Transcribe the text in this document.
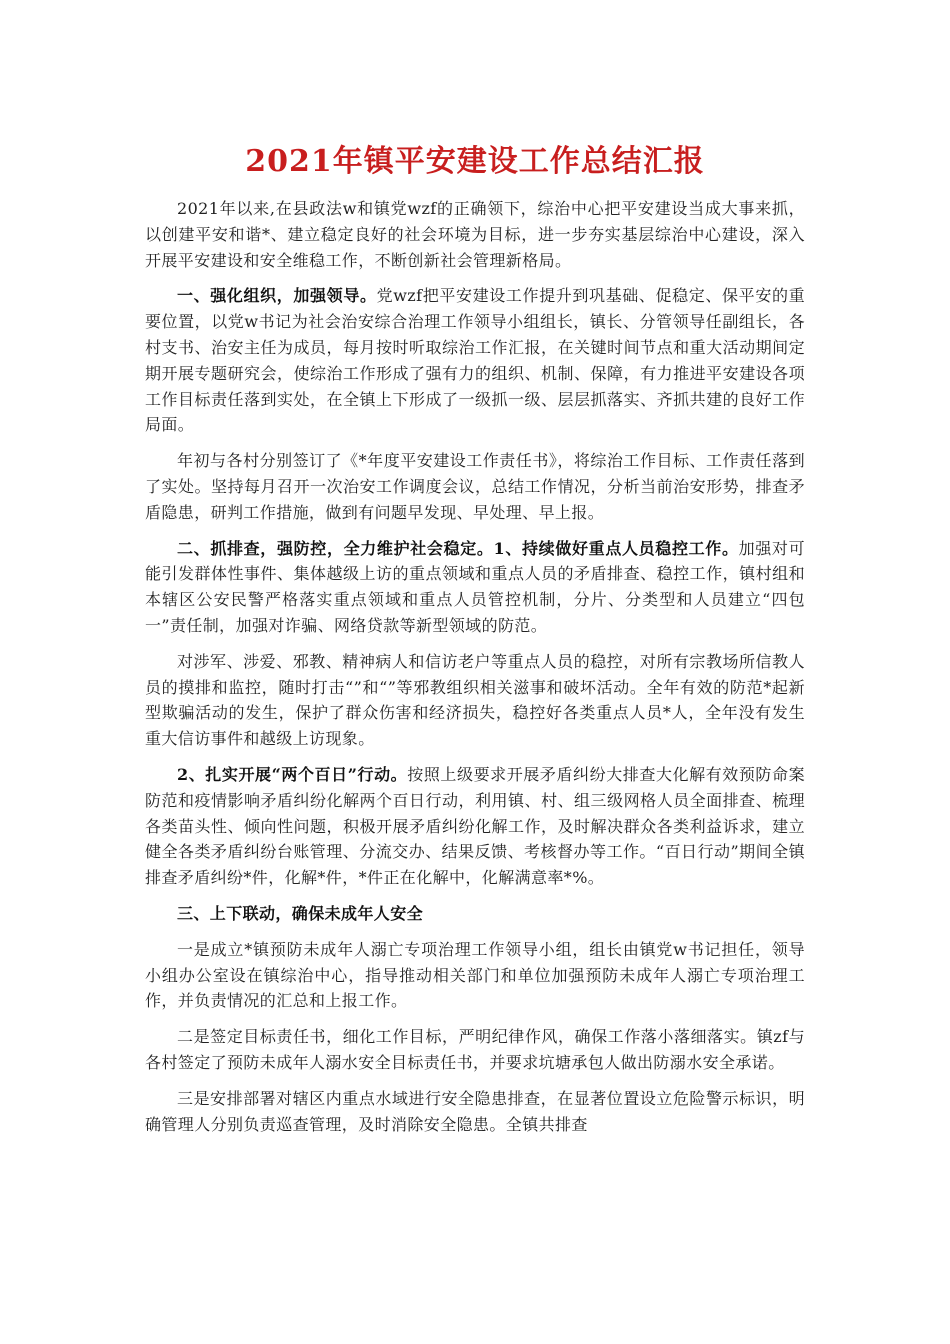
2021年镇平安建设工作总结汇报

2021年以来,在县政法w和镇党wzf的正确领下，综治中心把平安建设当成大事来抓，以创建平安和谐*、建立稳定良好的社会环境为目标，进一步夯实基层综治中心建设，深入开展平安建设和安全维稳工作，不断创新社会管理新格局。

一、强化组织，加强领导。党wzf把平安建设工作提升到巩基础、促稳定、保平安的重要位置，以党w书记为社会治安综合治理工作领导小组组长，镇长、分管领导任副组长，各村支书、治安主任为成员，每月按时听取综治工作汇报，在关键时间节点和重大活动期间定期开展专题研究会，使综治工作形成了强有力的组织、机制、保障，有力推进平安建设各项工作目标责任落到实处，在全镇上下形成了一级抓一级、层层抓落实、齐抓共建的良好工作局面。

年初与各村分别签订了《*年度平安建设工作责任书》，将综治工作目标、工作责任落到了实处。坚持每月召开一次治安工作调度会议，总结工作情况，分析当前治安形势，排查矛盾隐患，研判工作措施，做到有问题早发现、早处理、早上报。

二、抓排查，强防控，全力维护社会稳定。1、持续做好重点人员稳控工作。加强对可能引发群体性事件、集体越级上访的重点领域和重点人员的矛盾排查、稳控工作，镇村组和本辖区公安民警严格落实重点领域和重点人员管控机制，分片、分类型和人员建立“四包一”责任制，加强对诈骗、网络贷款等新型领域的防范。

对涉军、涉爱、邪教、精神病人和信访老户等重点人员的稳控，对所有宗教场所信教人员的摸排和监控，随时打击“”和“”等邪教组织相关滋事和破坏活动。全年有效的防范*起新型欺骗活动的发生，保护了群众伤害和经济损失，稳控好各类重点人员*人，全年没有发生重大信访事件和越级上访现象。

2、扎实开展“两个百日”行动。按照上级要求开展矛盾纠纷大排查大化解有效预防命案防范和疫情影响矛盾纠纷化解两个百日行动，利用镇、村、组三级网格人员全面排查、梳理各类苗头性、倾向性问题，积极开展矛盾纠纷化解工作，及时解决群众各类利益诉求，建立健全各类矛盾纠纷台账管理、分流交办、结果反馈、考核督办等工作。“百日行动”期间全镇排查矛盾纠纷*件，化解*件，*件正在化解中，化解满意率*%。

三、上下联动，确保未成年人安全

一是成立*镇预防未成年人溺亡专项治理工作领导小组，组长由镇党w书记担任，领导小组办公室设在镇综治中心，指导推动相关部门和单位加强预防未成年人溺亡专项治理工作，并负责情况的汇总和上报工作。

二是签定目标责任书，细化工作目标，严明纪律作风，确保工作落小落细落实。镇zf与各村签定了预防未成年人溺水安全目标责任书，并要求坑塘承包人做出防溺水安全承诺。

三是安排部署对辖区内重点水域进行安全隐患排查，在显著位置设立危险警示标识，明确管理人分别负责巡查管理，及时消除安全隐患。全镇共排查
